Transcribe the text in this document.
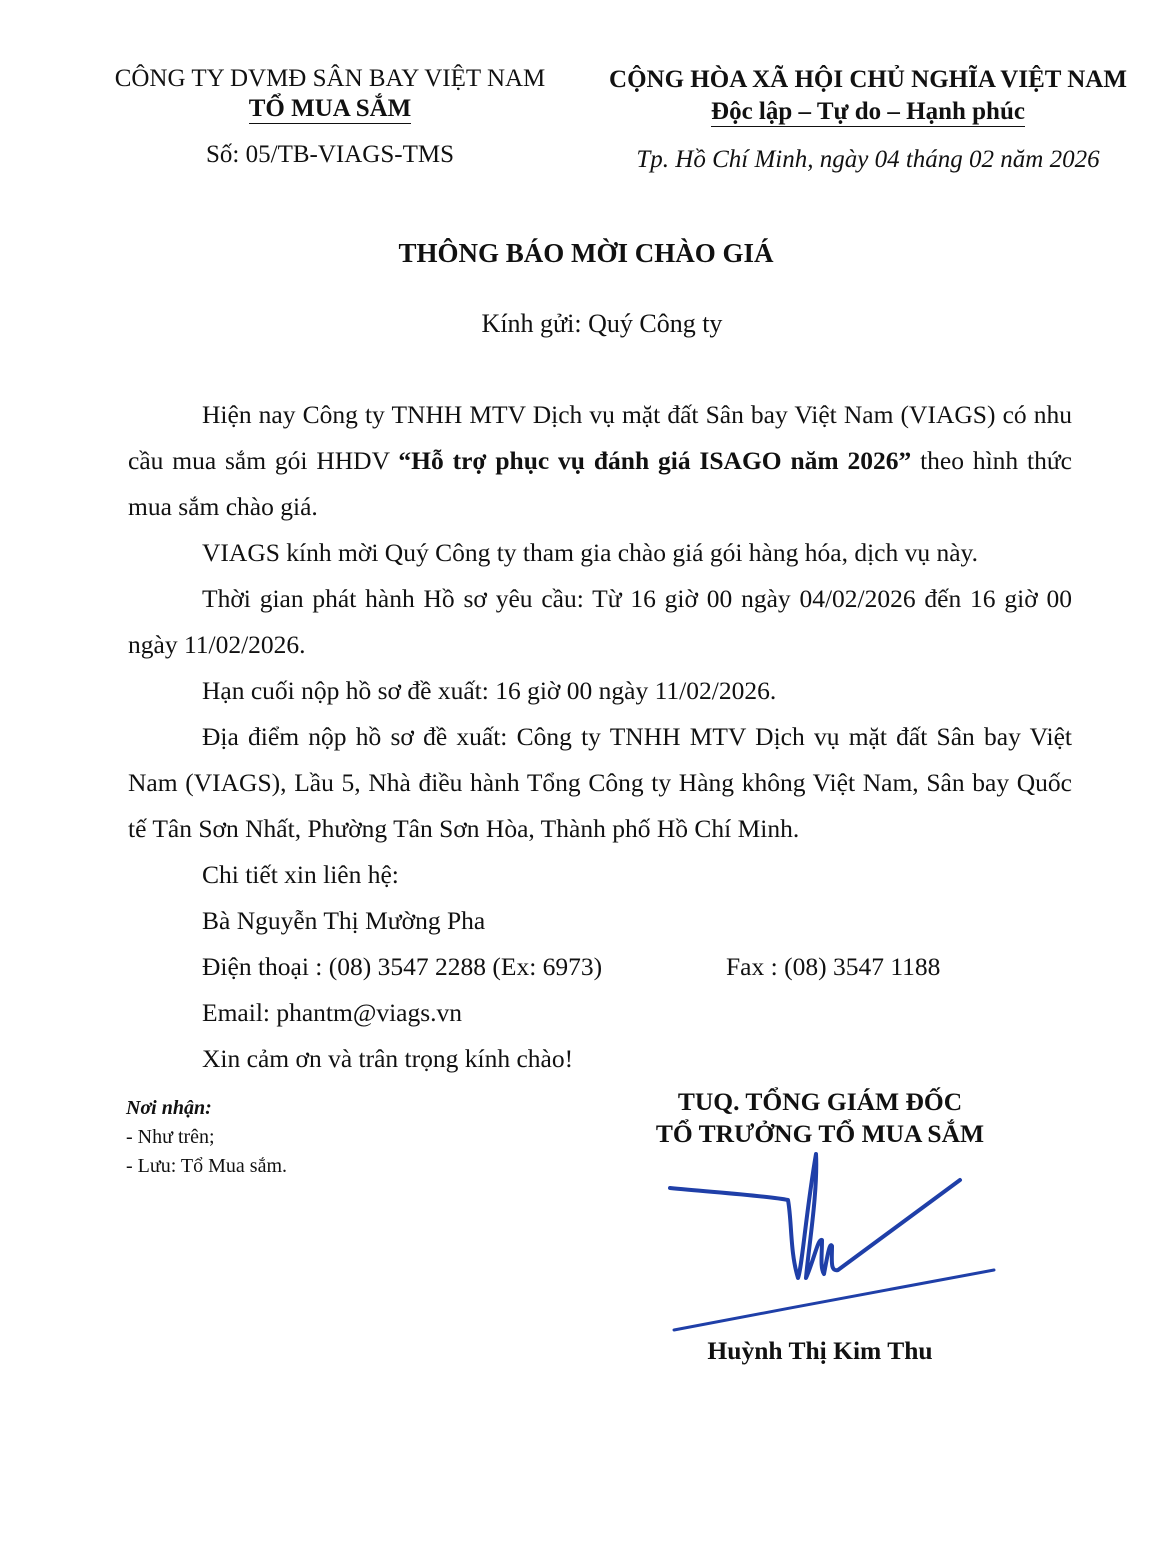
CÔNG TY DVMĐ SÂN BAY VIỆT NAM
TỔ MUA SẮM
Số: 05/TB-VIAGS-TMS
CỘNG HÒA XÃ HỘI CHỦ NGHĨA VIỆT NAM
Độc lập – Tự do – Hạnh phúc
Tp. Hồ Chí Minh, ngày 04 tháng 02 năm 2026
THÔNG BÁO MỜI CHÀO GIÁ
Kính gửi: Quý Công ty

Hiện nay Công ty TNHH MTV Dịch vụ mặt đất Sân bay Việt Nam (VIAGS) có nhu cầu mua sắm gói HHDV “Hỗ trợ phục vụ đánh giá ISAGO năm 2026” theo hình thức mua sắm chào giá.

VIAGS kính mời Quý Công ty tham gia chào giá gói hàng hóa, dịch vụ này.

Thời gian phát hành Hồ sơ yêu cầu: Từ 16 giờ 00 ngày 04/02/2026 đến 16 giờ 00 ngày 11/02/2026.

Hạn cuối nộp hồ sơ đề xuất: 16 giờ 00 ngày 11/02/2026.

Địa điểm nộp hồ sơ đề xuất: Công ty TNHH MTV Dịch vụ mặt đất Sân bay Việt Nam (VIAGS), Lầu 5, Nhà điều hành Tổng Công ty Hàng không Việt Nam, Sân bay Quốc tế Tân Sơn Nhất, Phường Tân Sơn Hòa, Thành phố Hồ Chí Minh.

Chi tiết xin liên hệ:

Bà Nguyễn Thị Mường Pha

Điện thoại : (08) 3547 2288 (Ex: 6973)	Fax : (08) 3547 1188

Email: phantm@viags.vn

Xin cảm ơn và trân trọng kính chào!

Nơi nhận:
- Như trên;
- Lưu: Tổ Mua sắm.
TUQ. TỔNG GIÁM ĐỐC
TỔ TRƯỞNG TỔ MUA SẮM
Huỳnh Thị Kim Thu
